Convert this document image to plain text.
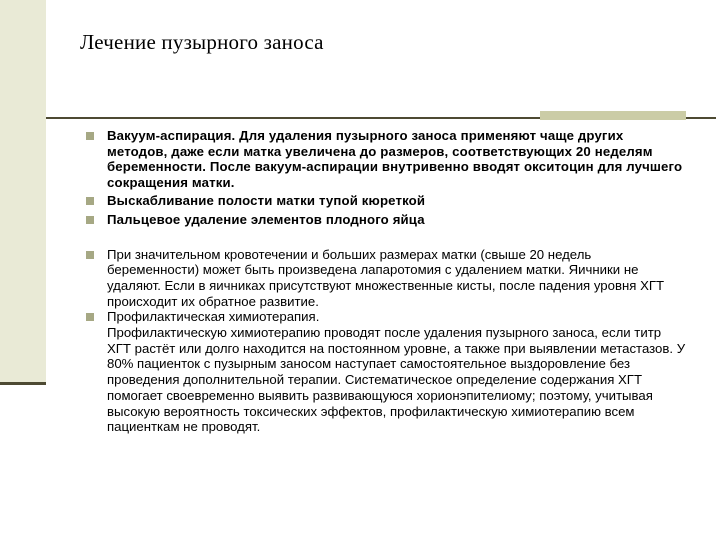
Лечение пузырного заноса
Вакуум-аспирация. Для удаления пузырного заноса применяют чаще других методов, даже если матка увеличена до размеров, соответствующих 20 неделям беременности. После вакуум-аспирации внутривенно вводят окситоцин для лучшего сокращения матки.
Выскабливание полости матки тупой кюреткой
Пальцевое удаление элементов плодного яйца
При значительном кровотечении и больших размерах матки (свыше 20 недель беременности) может быть произведена лапаротомия с удалением матки. Яичники не удаляют. Если в яичниках присутствуют множественные кисты, после падения уровня ХГТ происходит их обратное развитие.
Профилактическая химиотерапия.
Профилактическую химиотерапию проводят после удаления пузырного заноса, если титр ХГТ растёт или долго находится на постоянном уровне, а также при выявлении метастазов. У 80% пациенток с пузырным заносом наступает самостоятельное выздоровление без проведения дополнительной терапии. Систематическое определение содержания ХГТ помогает своевременно выявить развивающуюся хорионэпителиому; поэтому, учитывая высокую вероятность токсических эффектов, профилактическую химиотерапию всем пациенткам не проводят.
